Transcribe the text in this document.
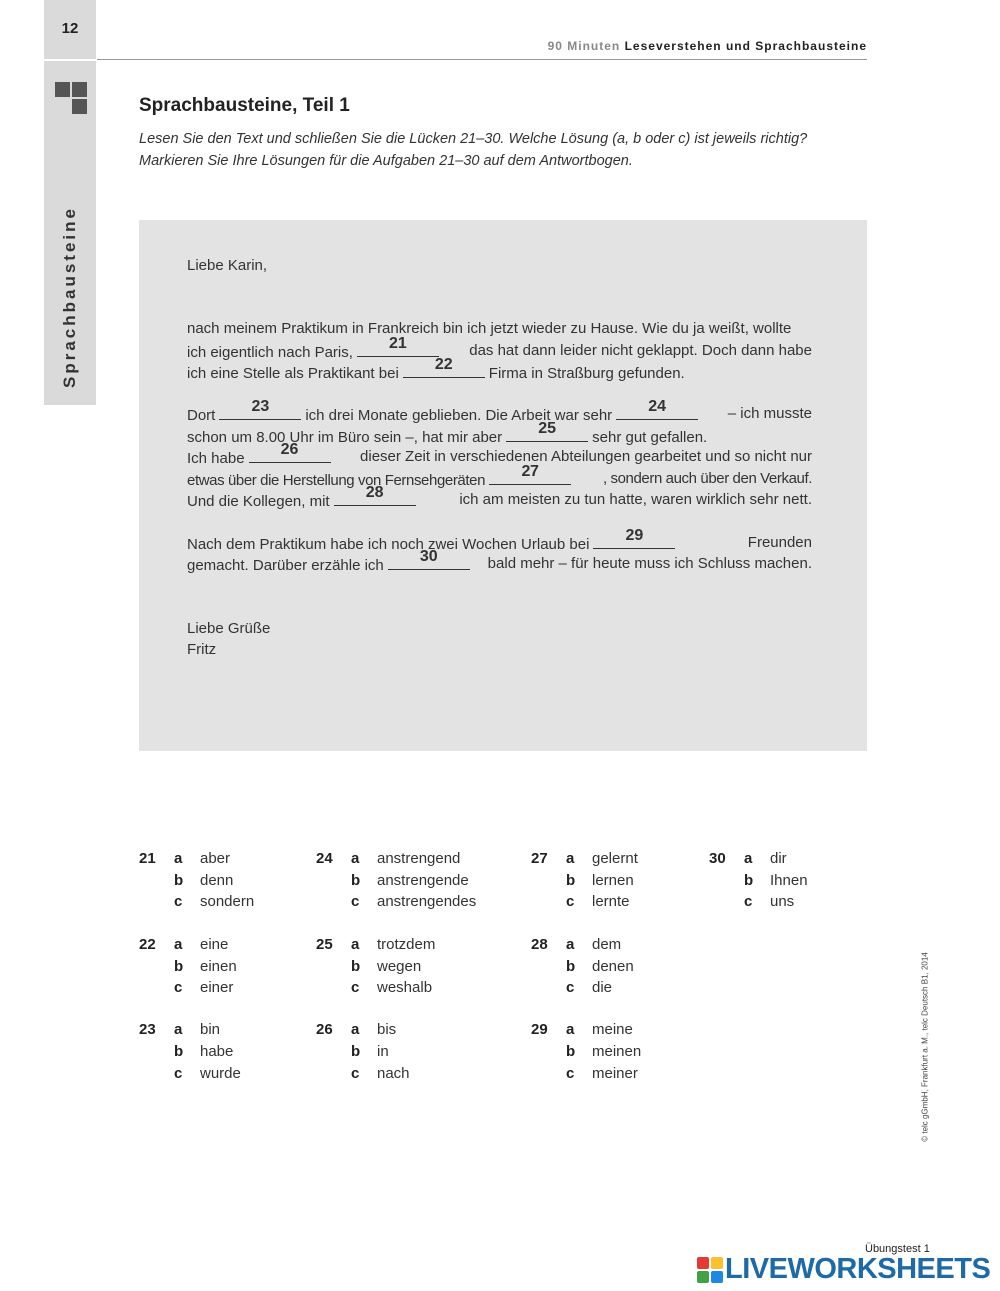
12
Sprachbausteine
90 Minuten Leseverstehen und Sprachbausteine
Sprachbausteine, Teil 1
Lesen Sie den Text und schließen Sie die Lücken 21–30. Welche Lösung (a, b oder c) ist jeweils richtig?
Markieren Sie Ihre Lösungen für die Aufgaben 21–30 auf dem Antwortbogen.
Liebe Karin,
nach meinem Praktikum in Frankreich bin ich jetzt wieder zu Hause. Wie du ja weißt, wollte
ich eigentlich nach Paris,
21	das hat dann leider nicht geklappt. Doch dann habe
ich eine Stelle als Praktikant bei
22
Firma in Straßburg gefunden.
Dort
23
ich drei Monate geblieben. Die Arbeit war sehr
24	– ich musste
schon um 8.00 Uhr im Büro sein –, hat mir aber
25
sehr gut gefallen.
Ich habe
26	dieser Zeit in verschiedenen Abteilungen gearbeitet und so nicht nur
etwas über die Herstellung von Fernsehgeräten
27	, sondern auch über den Verkauf.
Und die Kollegen, mit
28	ich am meisten zu tun hatte, waren wirklich sehr nett.
Nach dem Praktikum habe ich noch zwei Wochen Urlaub bei
29	Freunden
gemacht. Darüber erzähle ich
30	bald mehr – für heute muss ich Schluss machen.
Liebe Grüße
Fritz
21 a aber
b denn
c sondern
22 a eine
b einen
c einer
23 a bin
b habe
c wurde
24 a anstrengend
b anstrengende
c anstrengendes
25 a trotzdem
b wegen
c weshalb
26 a bis
b in
c nach
27 a gelernt
b lernen
c lernte
28 a dem
b denen
c die
29 a meine
b meinen
c meiner
30 a dir
b Ihnen
c uns
© telc gGmbH, Frankfurt a. M., telc Deutsch B1, 2014
Übungstest 1
LIVEWORKSHEETS
